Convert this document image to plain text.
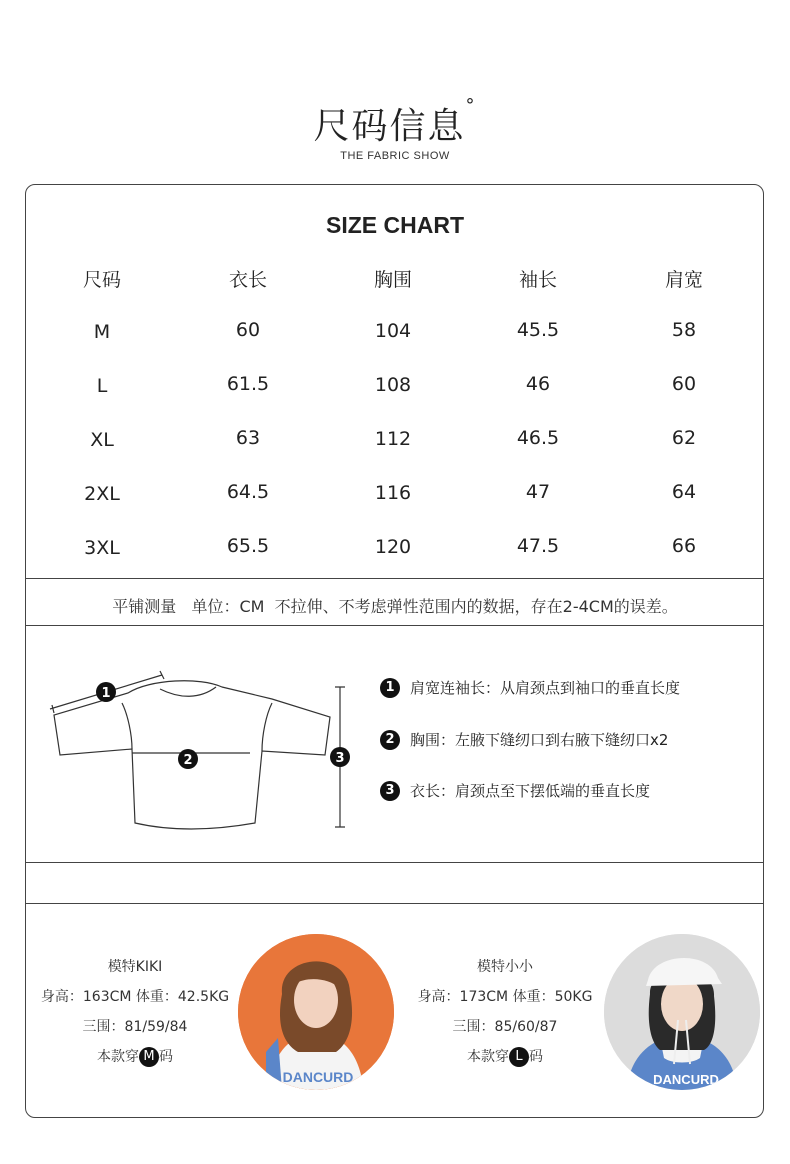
尺码信息°
THE FABRIC SHOW
SIZE CHART
尺码	衣长	胸围	袖长	肩宽
M	60	104	45.5	58
L	61.5	108	46	60
XL	63	112	46.5	62
2XL	64.5	116	47	64
3XL	65.5	120	47.5	66
平铺测量   单位：CM  不拉伸、不考虑弹性范围内的数据，存在2-4CM的误差。
1
2	3
1	肩宽连袖长：从肩颈点到袖口的垂直长度
2	胸围：左腋下缝纫口到右腋下缝纫口x2
3	衣长：肩颈点至下摆低端的垂直长度
模特KIKI
身高：163CM 体重：42.5KG
三围：81/59/84
本款穿 M 码
DANCURD
模特小小
身高：173CM 体重：50KG
三围：85/60/87
本款穿 L 码
DANCURD
